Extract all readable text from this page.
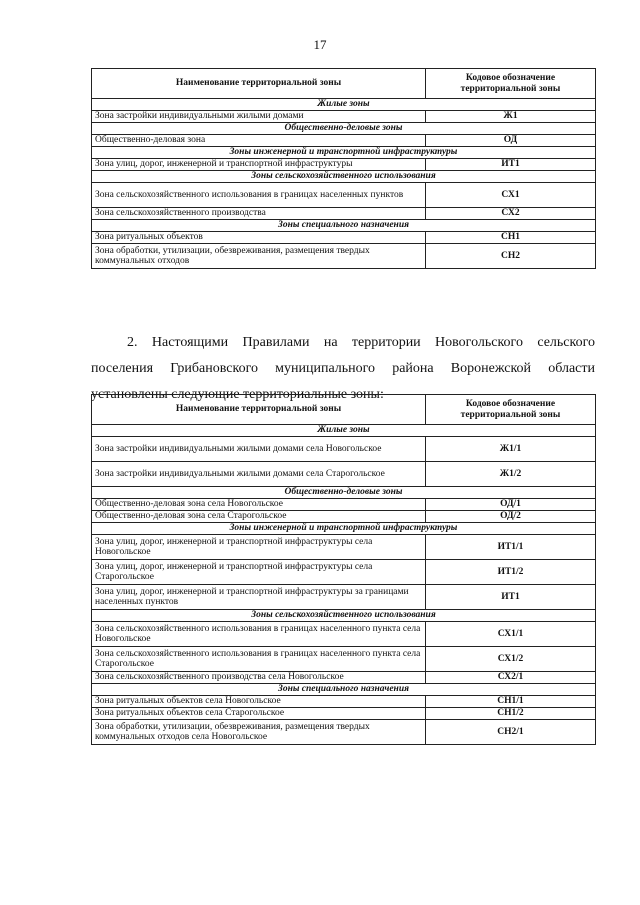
17
Наименование территориальной зоны	Кодовое обозначение территориальной зоны
Жилые зоны	
Зона застройки индивидуальными жилыми домами	Ж1
Общественно-деловые зоны	
Общественно-деловая зона	ОД
Зоны инженерной и транспортной инфраструктуры	
Зона улиц, дорог, инженерной и транспортной инфраструктуры	ИТ1
Зоны сельскохозяйственного использования	
Зона сельскохозяйственного использования в границах населенных пунктов	СХ1
Зона сельскохозяйственного производства	СХ2
Зоны специального назначения	
Зона ритуальных объектов	СН1
Зона обработки, утилизации, обезвреживания, размещения твердых коммунальных отходов	СН2

2. Настоящими Правилами на территории Новогольского сельского поселения Грибановского муниципального района Воронежской области установлены следующие территориальные зоны:

Наименование территориальной зоны	Кодовое обозначение территориальной зоны
Жилые зоны	
Зона застройки индивидуальными жилыми домами села Новогольское	Ж1/1
Зона застройки индивидуальными жилыми домами села Старогольское	Ж1/2
Общественно-деловые зоны	
Общественно-деловая зона села Новогольское	ОД/1
Общественно-деловая зона села Старогольское	ОД/2
Зоны инженерной и транспортной инфраструктуры	
Зона улиц, дорог, инженерной и транспортной инфраструктуры села Новогольское	ИТ1/1
Зона улиц, дорог, инженерной и транспортной инфраструктуры села Старогольское	ИТ1/2
Зона улиц, дорог, инженерной и транспортной инфраструктуры за границами населенных пунктов	ИТ1
Зоны сельскохозяйственного использования	
Зона сельскохозяйственного использования в границах населенного пункта села Новогольское	СХ1/1
Зона сельскохозяйственного использования в границах населенного пункта села Старогольское	СХ1/2
Зона сельскохозяйственного производства села Новогольское	СХ2/1
Зоны специального назначения	
Зона ритуальных объектов села Новогольское	СН1/1
Зона ритуальных объектов села Старогольское	СН1/2
Зона обработки, утилизации, обезвреживания, размещения твердых коммунальных отходов села Новогольское	СН2/1
